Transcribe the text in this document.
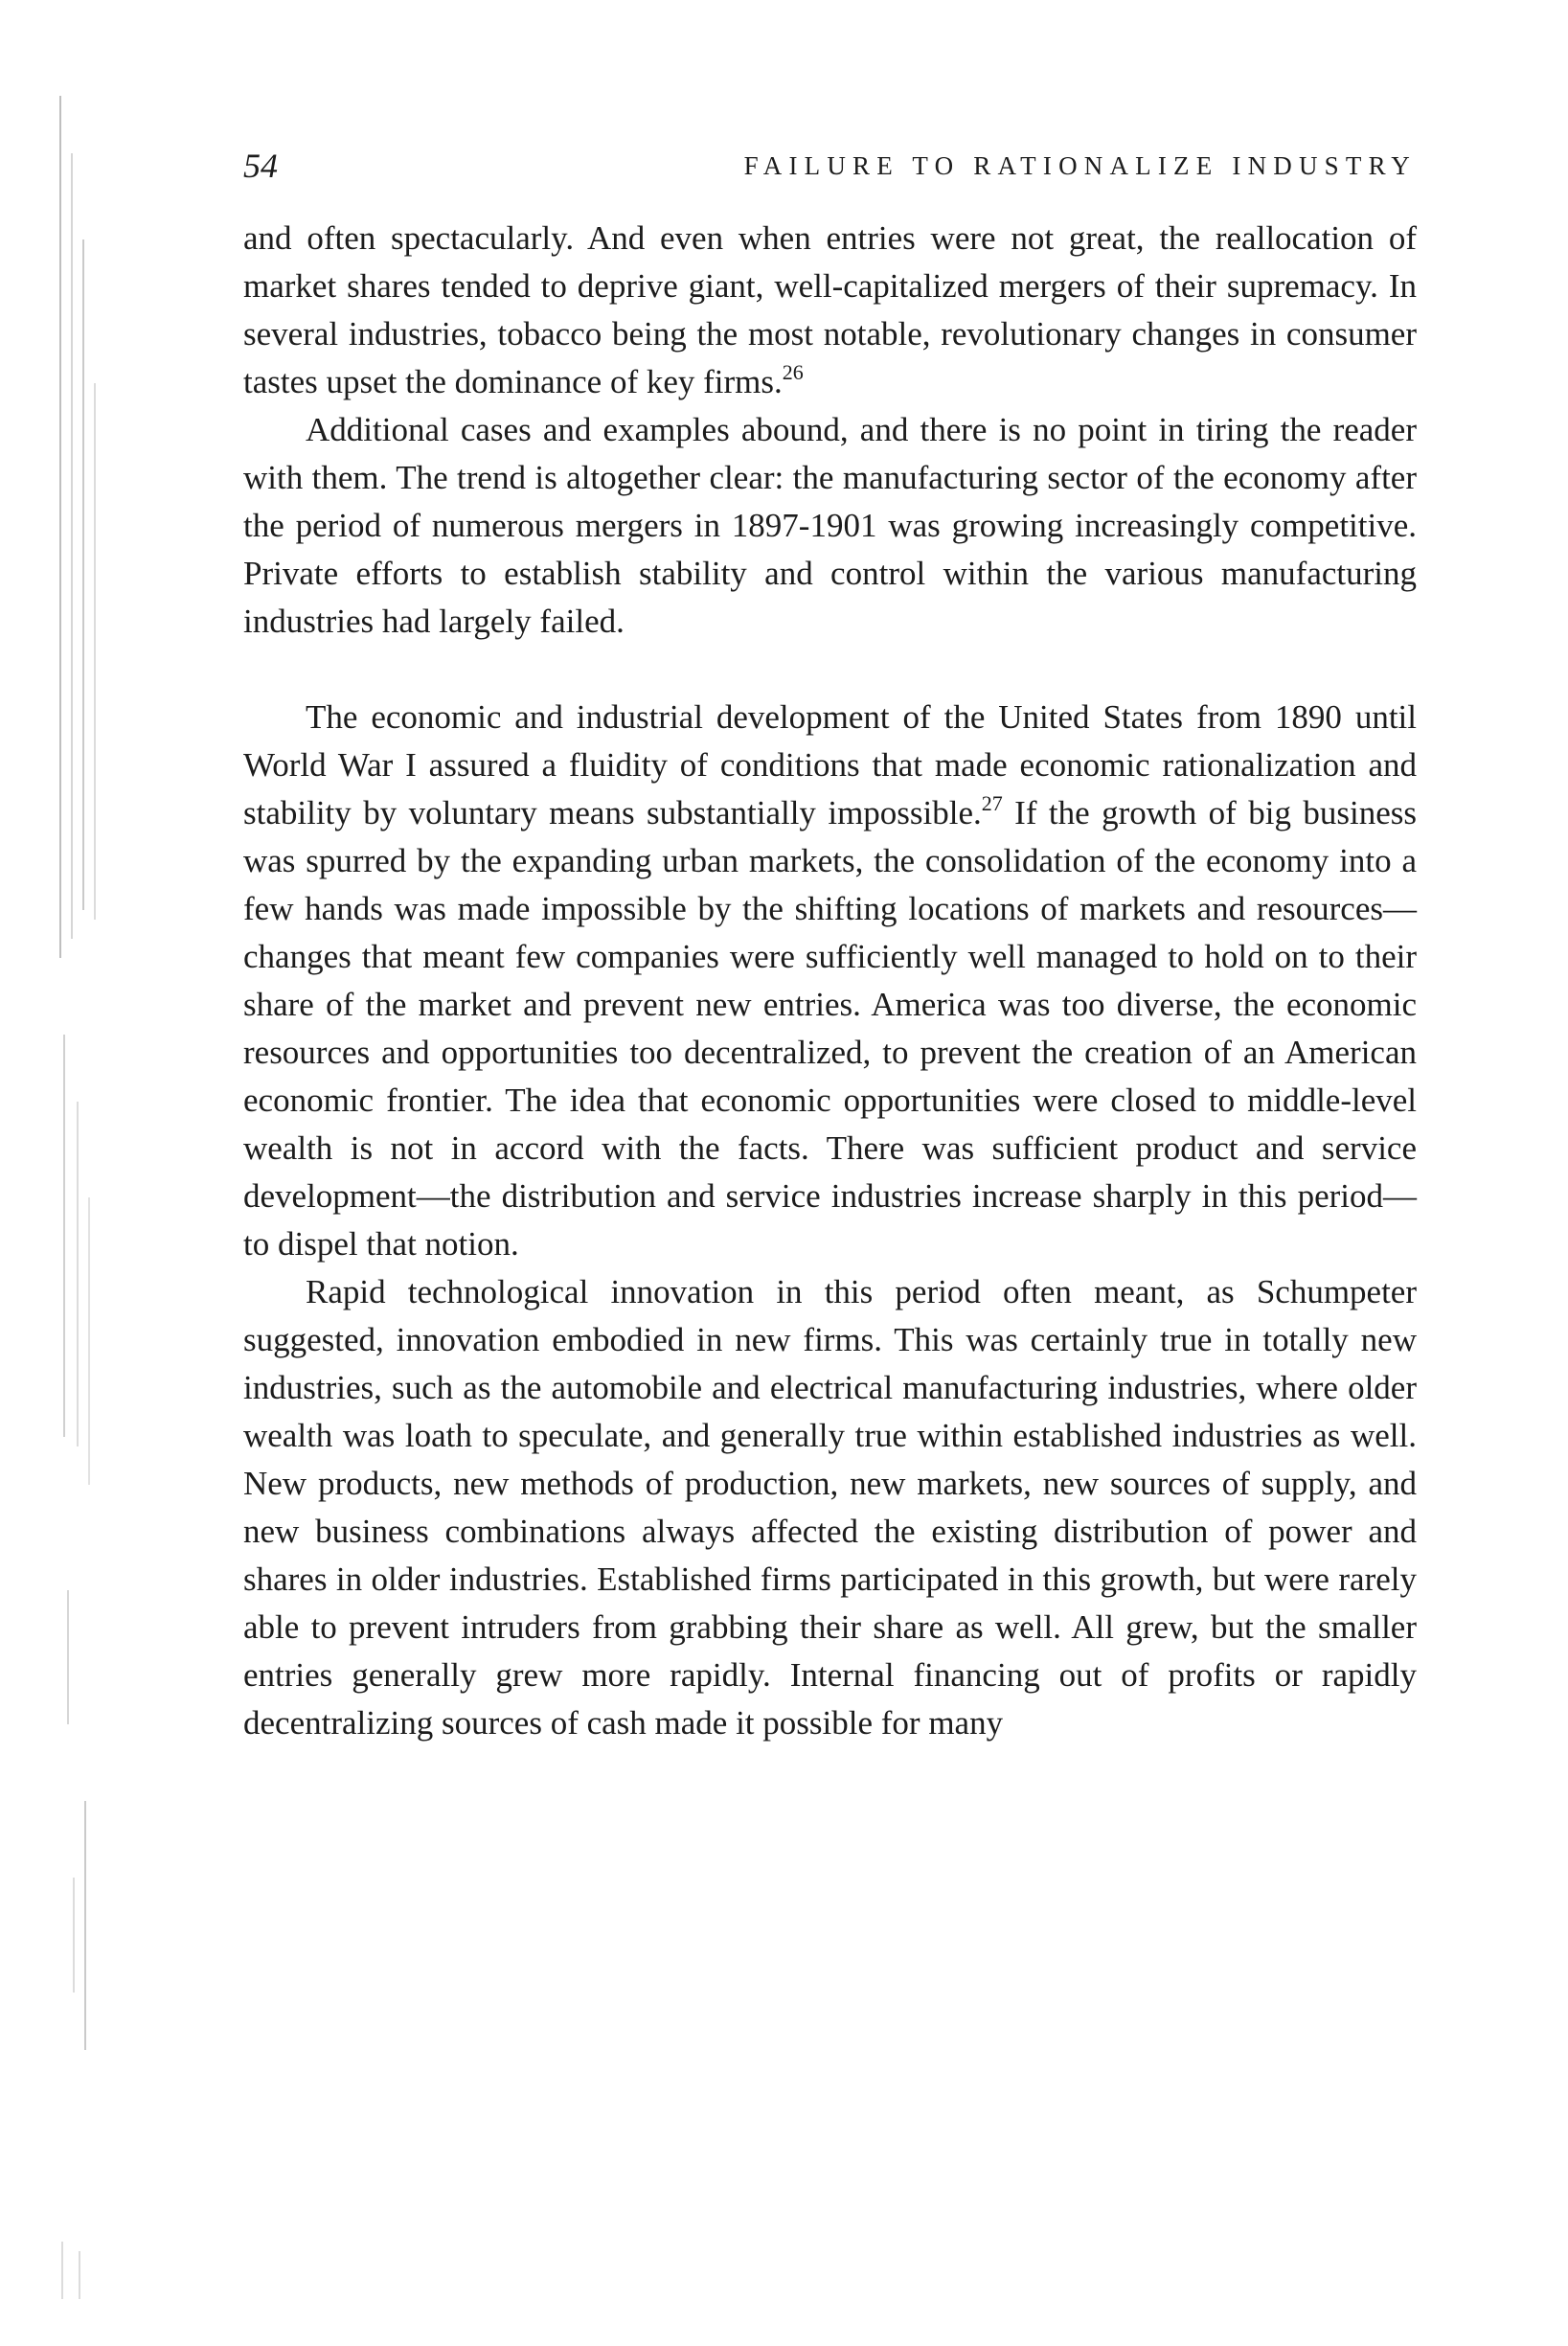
54	FAILURE TO RATIONALIZE INDUSTRY

and often spectacularly. And even when entries were not great, the reallocation of market shares tended to deprive giant, well-capitalized mergers of their supremacy. In several industries, tobacco being the most notable, revolutionary changes in consumer tastes upset the dominance of key firms.$^{26}$

Additional cases and examples abound, and there is no point in tiring the reader with them. The trend is altogether clear: the manufacturing sector of the economy after the period of numerous mergers in 1897-1901 was growing increasingly competitive. Private efforts to establish stability and control within the various manufacturing industries had largely failed.

The economic and industrial development of the United States from 1890 until World War I assured a fluidity of conditions that made economic rationalization and stability by voluntary means substantially impossible.$^{27}$ If the growth of big business was spurred by the expanding urban markets, the consolidation of the economy into a few hands was made impossible by the shifting locations of markets and resources—changes that meant few companies were sufficiently well managed to hold on to their share of the market and prevent new entries. America was too diverse, the economic resources and opportunities too decentralized, to prevent the creation of an American economic frontier. The idea that economic opportunities were closed to middle-level wealth is not in accord with the facts. There was sufficient product and service development—the distribution and service industries increase sharply in this period—to dispel that notion.

Rapid technological innovation in this period often meant, as Schumpeter suggested, innovation embodied in new firms. This was certainly true in totally new industries, such as the automobile and electrical manufacturing industries, where older wealth was loath to speculate, and generally true within established industries as well. New products, new methods of production, new markets, new sources of supply, and new business combinations always affected the existing distribution of power and shares in older industries. Established firms participated in this growth, but were rarely able to prevent intruders from grabbing their share as well. All grew, but the smaller entries generally grew more rapidly. Internal financing out of profits or rapidly decentralizing sources of cash made it possible for many
